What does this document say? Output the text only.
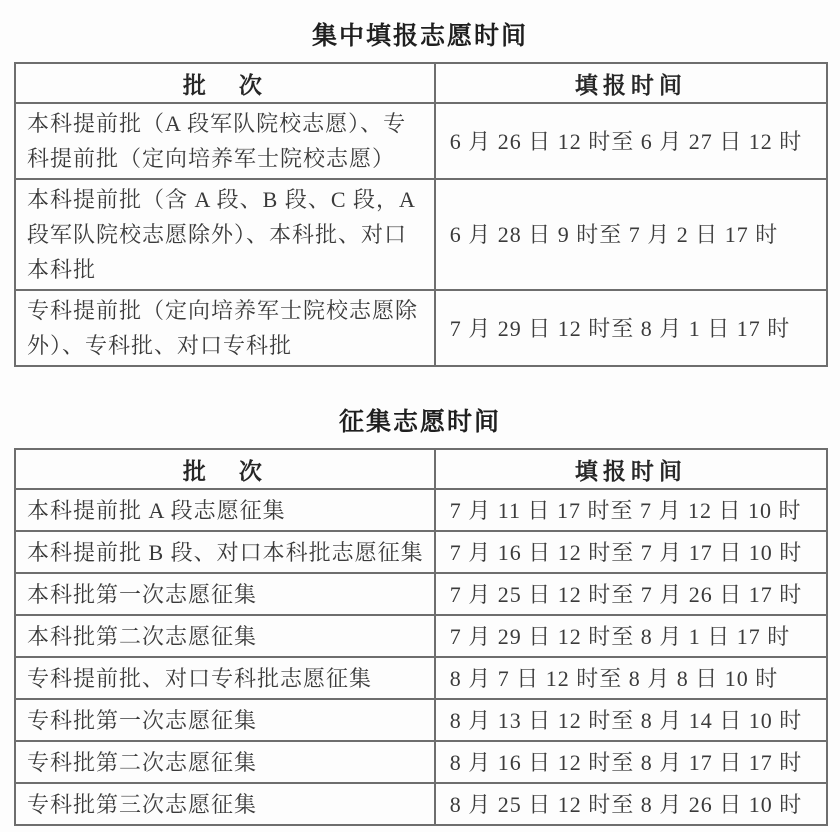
集中填报志愿时间
批　次	填报时间
本科提前批（A 段军队院校志愿）、专科提前批（定向培养军士院校志愿）	6 月 26 日 12 时至 6 月 27 日 12 时
本科提前批（含 A 段、B 段、C 段，A 段军队院校志愿除外）、本科批、对口本科批	6 月 28 日 9 时至 7 月 2 日 17 时
专科提前批（定向培养军士院校志愿除外）、专科批、对口专科批	7 月 29 日 12 时至 8 月 1 日 17 时
征集志愿时间
批　次	填报时间
本科提前批 A 段志愿征集	7 月 11 日 17 时至 7 月 12 日 10 时
本科提前批 B 段、对口本科批志愿征集	7 月 16 日 12 时至 7 月 17 日 10 时
本科批第一次志愿征集	7 月 25 日 12 时至 7 月 26 日 17 时
本科批第二次志愿征集	7 月 29 日 12 时至 8 月 1 日 17 时
专科提前批、对口专科批志愿征集	8 月 7 日 12 时至 8 月 8 日 10 时
专科批第一次志愿征集	8 月 13 日 12 时至 8 月 14 日 10 时
专科批第二次志愿征集	8 月 16 日 12 时至 8 月 17 日 17 时
专科批第三次志愿征集	8 月 25 日 12 时至 8 月 26 日 10 时
